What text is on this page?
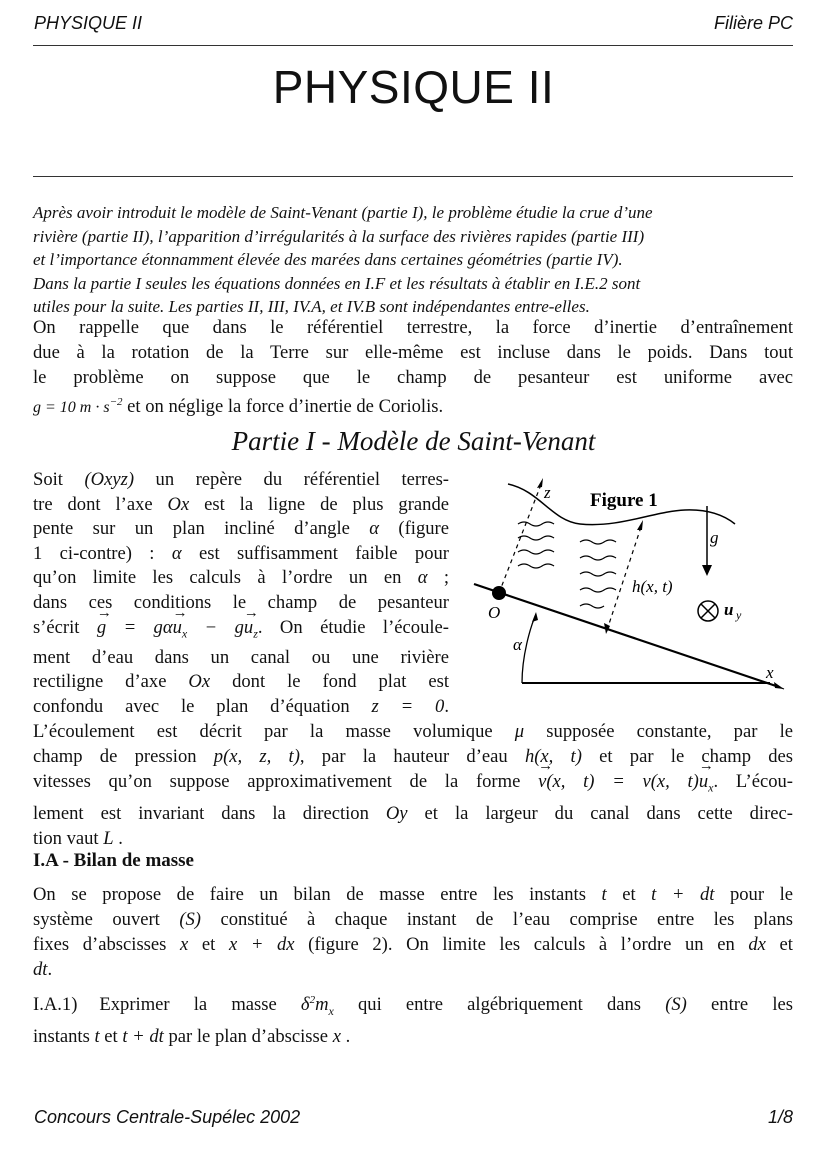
PHYSIQUE II	Filière PC
PHYSIQUE II
Après avoir introduit le modèle de Saint-Venant (partie I), le problème étudie la crue d’une
rivière (partie II), l’apparition d’irrégularités à la surface des rivières rapides (partie III)
et l’importance étonnamment élevée des marées dans certaines géométries (partie IV).
Dans la partie I seules les équations données en I.F et les résultats à établir en I.E.2 sont
utiles pour la suite. Les parties II, III, IV.A, et IV.B sont indépendantes entre-elles.
On rappelle que dans le référentiel terrestre, la force d’inertie d’entraînement
due à la rotation de la Terre sur elle-même est incluse dans le poids. Dans tout
le problème on suppose que le champ de pesanteur est uniforme avec
g = 10 $m \cdot s^{-2}$ et on néglige la force d’inertie de Coriolis.
Partie I - Modèle de Saint-Venant
Soit (Oxyz) un repère du référentiel terres-
tre dont l’axe Ox est la ligne de plus grande
pente sur un plan incliné d’angle α (figure
1 ci-contre) : α est suffisamment faible pour
qu’on limite les calculs à l’ordre un en α ;
dans ces conditions le champ de pesanteur
s’écrit → $g = g\alpha\to u_x - g\to u_z$. On étudie l’écoule-
ment d’eau dans un canal ou une rivière
rectiligne d’axe Ox dont le fond plat est
confondu avec le plan d’équation z = 0.
Figure 1
z
g
h(x, t)
O
α
u y
x
L’écoulement est décrit par la masse volumique μ supposée constante, par le
champ de pression p(x, z, t), par la hauteur d’eau h(x, t) et par le champ des
vitesses qu’on suppose approximativement de la forme → v(x, t) = v(x, $t)\to u_x$. L’écou-
lement est invariant dans la direction Oy et la largeur du canal dans cette direc-
tion vaut L .
I.A - Bilan de masse
On se propose de faire un bilan de masse entre les instants t et t + dt pour le
système ouvert (S) constitué à chaque instant de l’eau comprise entre les plans
fixes d’abscisses x et x + dx (figure 2). On limite les calculs à l’ordre un en dx et
dt.
I.A.1) Exprimer la masse $\delta^2m_x$ qui entre algébriquement dans (S) entre les
instants t et t + dt par le plan d’abscisse x .
Concours Centrale-Supélec 2002	1/8
